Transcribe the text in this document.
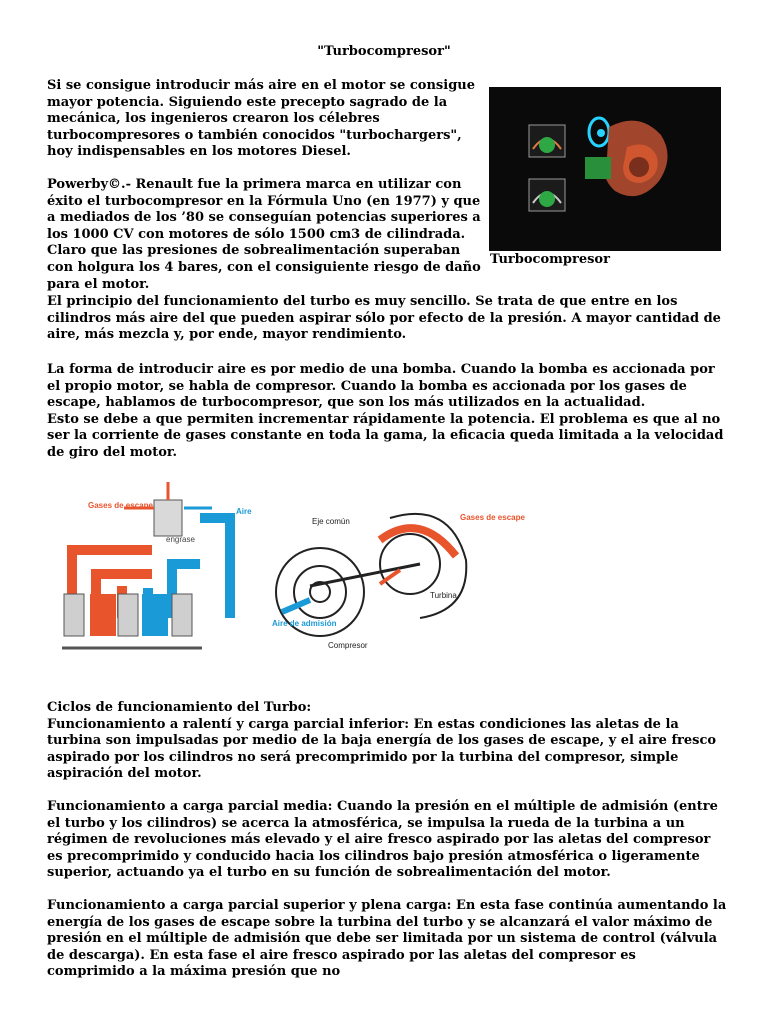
"Turbocompresor"

Si se consigue introducir más aire en el motor se consigue mayor potencia. Siguiendo este precepto sagrado de la mecánica, los ingenieros crearon los célebres turbocompresores o también conocidos "turbochargers", hoy indispensables en los motores Diesel.

Powerby©.- Renault fue la primera marca en utilizar con éxito el turbocompresor en la Fórmula Uno (en 1977) y que a mediados de los ’80 se conseguían potencias superiores a los 1000 CV con motores de sólo 1500 cm3 de cilindrada. Claro que las presiones de sobrealimentación superaban con holgura los 4 bares, con el consiguiente riesgo de daño para el motor.

Turbocompresor

El principio del funcionamiento del turbo es muy sencillo. Se trata de que entre en los cilindros más aire del que pueden aspirar sólo por efecto de la presión. A mayor cantidad de aire, más mezcla y, por ende, mayor rendimiento.

La forma de introducir aire es por medio de una bomba. Cuando la bomba es accionada por el propio motor, se habla de compresor. Cuando la bomba es accionada por los gases de escape, hablamos de turbocompresor, que son los más utilizados en la actualidad.

Esto se debe a que permiten incrementar rápidamente la potencia. El problema es que al no ser la corriente de gases constante en toda la gama, la eficacia queda limitada a la velocidad de giro del motor.

Gases de escape
Aire
engrase
Eje común	Gases de escape
Turbina
Aire de admisión
Compresor

Ciclos de funcionamiento del Turbo:

Funcionamiento a ralentí y carga parcial inferior: En estas condiciones las aletas de la turbina son impulsadas por medio de la baja energía de los gases de escape, y el aire fresco aspirado por los cilindros no será precomprimido por la turbina del compresor, simple aspiración del motor.

Funcionamiento a carga parcial media: Cuando la presión en el múltiple de admisión (entre el turbo y los cilindros) se acerca la atmosférica, se impulsa la rueda de la turbina a un régimen de revoluciones más elevado y el aire fresco aspirado por las aletas del compresor es precomprimido y conducido hacia los cilindros bajo presión atmosférica o ligeramente superior, actuando ya el turbo en su función de sobrealimentación del motor.

Funcionamiento a carga parcial superior y plena carga: En esta fase continúa aumentando la energía de los gases de escape sobre la turbina del turbo y se alcanzará el valor máximo de presión en el múltiple de admisión que debe ser limitada por un sistema de control (válvula de descarga). En esta fase el aire fresco aspirado por las aletas del compresor es comprimido a la máxima presión que no
